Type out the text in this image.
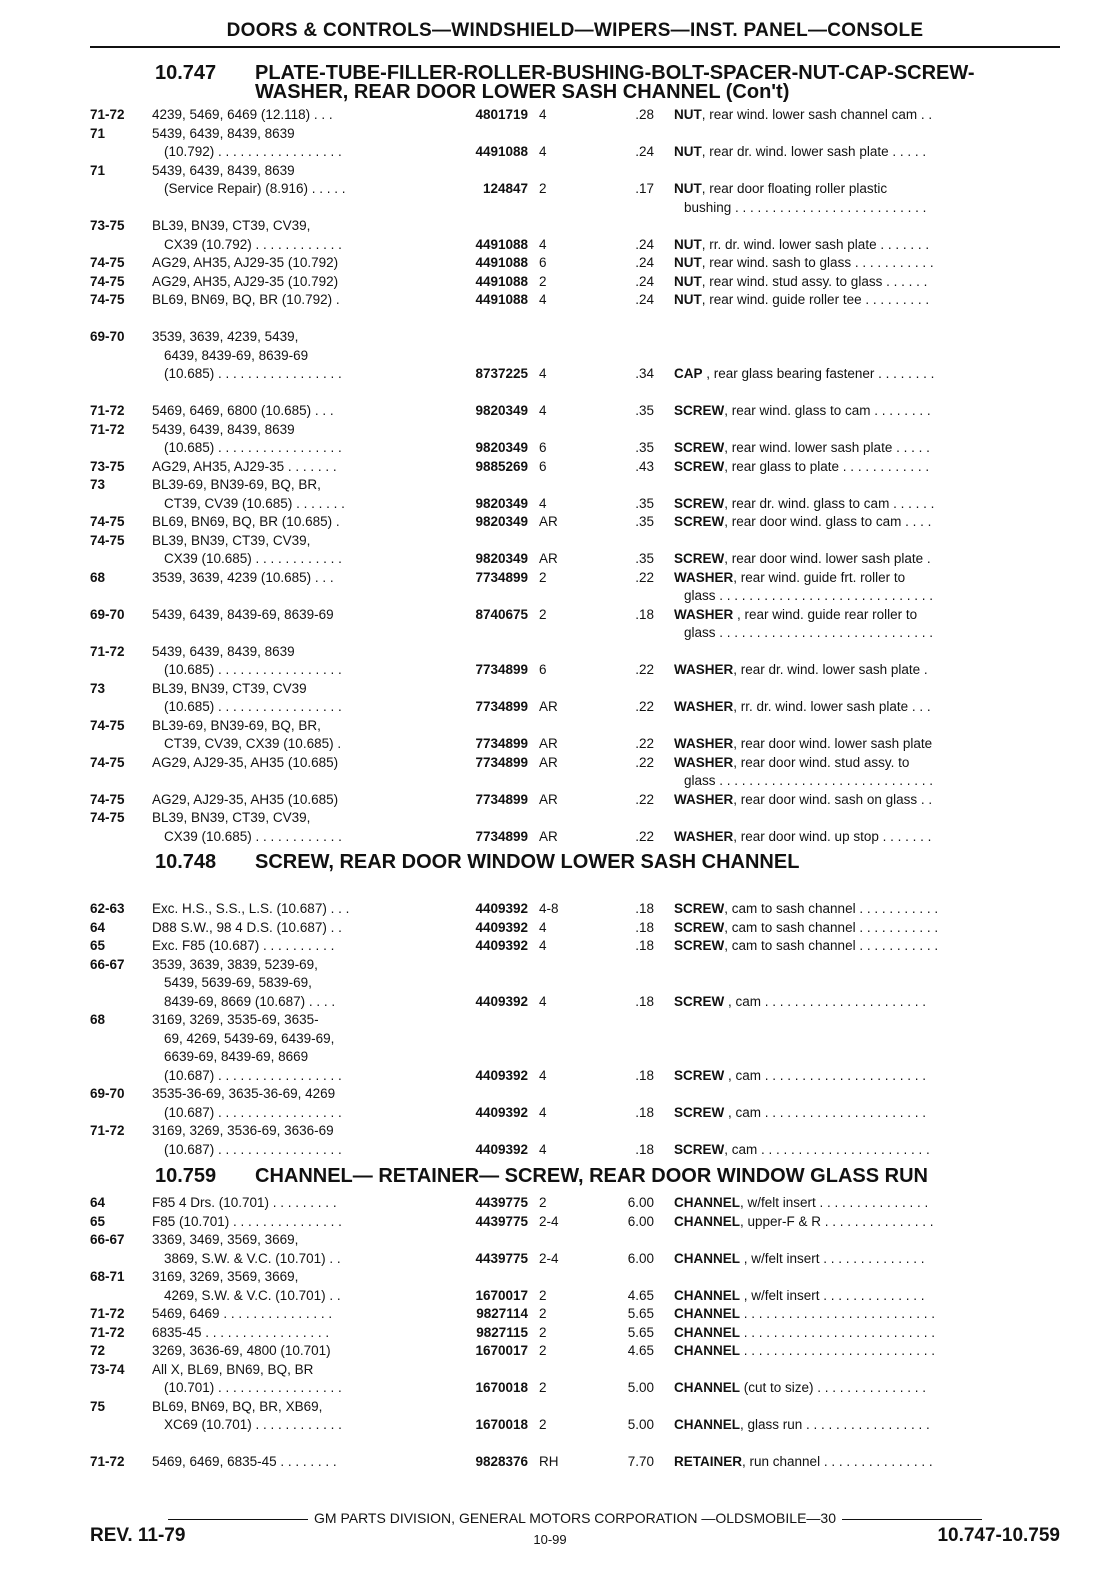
DOORS & CONTROLS—WINDSHIELD—WIPERS—INST. PANEL—CONSOLE
10.747 PLATE-TUBE-FILLER-ROLLER-BUSHING-BOLT-SPACER-NUT-CAP-SCREW-
WASHER, REAR DOOR LOWER SASH CHANNEL (Con't)
71-72 4239, 5469, 6469 (12.118) . . .	4801719 4	.28 NUT, rear wind. lower sash channel cam . .
71	5439, 6439, 8439, 8639
(10.792) . . . . . . . . . . . . . . . . .	4491088 4	.24 NUT, rear dr. wind. lower sash plate . . . . .
71	5439, 6439, 8439, 8639
(Service Repair) (8.916) . . . . .	124847 2	.17 NUT, rear door floating roller plastic
bushing . . . . . . . . . . . . . . . . . . . . . . . . . .
73-75 BL39, BN39, CT39, CV39,
CX39 (10.792) . . . . . . . . . . . .	4491088 4	.24 NUT, rr. dr. wind. lower sash plate . . . . . . .
74-75 AG29, AH35, AJ29-35 (10.792)	4491088 6	.24 NUT, rear wind. sash to glass . . . . . . . . . . .
74-75 AG29, AH35, AJ29-35 (10.792)	4491088 2	.24 NUT, rear wind. stud assy. to glass . . . . . .
74-75 BL69, BN69, BQ, BR (10.792) .	4491088 4	.24 NUT, rear wind. guide roller tee . . . . . . . . .
69-70 3539, 3639, 4239, 5439,
6439, 8439-69, 8639-69
(10.685) . . . . . . . . . . . . . . . . .	8737225 4	.34 CAP , rear glass bearing fastener . . . . . . . .
71-72 5469, 6469, 6800 (10.685) . . .	9820349 4	.35 SCREW, rear wind. glass to cam . . . . . . . .
71-72 5439, 6439, 8439, 8639
(10.685) . . . . . . . . . . . . . . . . .	9820349 6	.35 SCREW, rear wind. lower sash plate . . . . .
73-75 AG29, AH35, AJ29-35 . . . . . . .	9885269 6	.43 SCREW, rear glass to plate . . . . . . . . . . . .
73	BL39-69, BN39-69, BQ, BR,
CT39, CV39 (10.685) . . . . . . .	9820349 4	.35 SCREW, rear dr. wind. glass to cam . . . . . .
74-75 BL69, BN69, BQ, BR (10.685) .	9820349 AR	.35 SCREW, rear door wind. glass to cam . . . .
74-75 BL39, BN39, CT39, CV39,
CX39 (10.685) . . . . . . . . . . . .	9820349 AR	.35 SCREW, rear door wind. lower sash plate .
68	3539, 3639, 4239 (10.685) . . .	7734899 2	.22 WASHER, rear wind. guide frt. roller to
glass . . . . . . . . . . . . . . . . . . . . . . . . . . . . .
69-70 5439, 6439, 8439-69, 8639-69	8740675 2	.18 WASHER , rear wind. guide rear roller to
glass . . . . . . . . . . . . . . . . . . . . . . . . . . . . .
71-72 5439, 6439, 8439, 8639
(10.685) . . . . . . . . . . . . . . . . .	7734899 6	.22 WASHER, rear dr. wind. lower sash plate .
73	BL39, BN39, CT39, CV39
(10.685) . . . . . . . . . . . . . . . . .	7734899 AR	.22 WASHER, rr. dr. wind. lower sash plate . . .
74-75 BL39-69, BN39-69, BQ, BR,
CT39, CV39, CX39 (10.685) .	7734899 AR	.22 WASHER, rear door wind. lower sash plate
74-75 AG29, AJ29-35, AH35 (10.685)	7734899 AR	.22 WASHER, rear door wind. stud assy. to
glass . . . . . . . . . . . . . . . . . . . . . . . . . . . . .
74-75 AG29, AJ29-35, AH35 (10.685)	7734899 AR	.22 WASHER, rear door wind. sash on glass . .
74-75 BL39, BN39, CT39, CV39,
CX39 (10.685) . . . . . . . . . . . .	7734899 AR	.22 WASHER, rear door wind. up stop . . . . . . .
10.748 SCREW, REAR DOOR WINDOW LOWER SASH CHANNEL
62-63 Exc. H.S., S.S., L.S. (10.687) . . .	4409392 4-8	.18 SCREW, cam to sash channel . . . . . . . . . . .
64	D88 S.W., 98 4 D.S. (10.687) . .	4409392 4	.18 SCREW, cam to sash channel . . . . . . . . . . .
65	Exc. F85 (10.687) . . . . . . . . . .	4409392 4	.18 SCREW, cam to sash channel . . . . . . . . . . .
66-67 3539, 3639, 3839, 5239-69,
5439, 5639-69, 5839-69,
8439-69, 8669 (10.687) . . . .	4409392 4	.18 SCREW , cam . . . . . . . . . . . . . . . . . . . . . .
68	3169, 3269, 3535-69, 3635-
69, 4269, 5439-69, 6439-69,
6639-69, 8439-69, 8669
(10.687) . . . . . . . . . . . . . . . . .	4409392 4	.18 SCREW , cam . . . . . . . . . . . . . . . . . . . . . .
69-70 3535-36-69, 3635-36-69, 4269
(10.687) . . . . . . . . . . . . . . . . .	4409392 4	.18 SCREW , cam . . . . . . . . . . . . . . . . . . . . . .
71-72 3169, 3269, 3536-69, 3636-69
(10.687) . . . . . . . . . . . . . . . . .	4409392 4	.18 SCREW, cam . . . . . . . . . . . . . . . . . . . . . . .
10.759 CHANNEL— RETAINER— SCREW, REAR DOOR WINDOW GLASS RUN
64	F85 4 Drs. (10.701) . . . . . . . . .	4439775 2	6.00 CHANNEL, w/felt insert . . . . . . . . . . . . . . .
65	F85 (10.701) . . . . . . . . . . . . . . .	4439775 2-4	6.00 CHANNEL, upper-F & R . . . . . . . . . . . . . . .
66-67 3369, 3469, 3569, 3669,
3869, S.W. & V.C. (10.701) . .	4439775 2-4	6.00 CHANNEL , w/felt insert . . . . . . . . . . . . . .
68-71 3169, 3269, 3569, 3669,
4269, S.W. & V.C. (10.701) . .	1670017 2	4.65 CHANNEL , w/felt insert . . . . . . . . . . . . . .
71-72 5469, 6469 . . . . . . . . . . . . . . .	9827114 2	5.65 CHANNEL . . . . . . . . . . . . . . . . . . . . . . . . . .
71-72 6835-45 . . . . . . . . . . . . . . . . .	9827115 2	5.65 CHANNEL . . . . . . . . . . . . . . . . . . . . . . . . . .
72	3269, 3636-69, 4800 (10.701)	1670017 2	4.65 CHANNEL . . . . . . . . . . . . . . . . . . . . . . . . . .
73-74 All X, BL69, BN69, BQ, BR
(10.701) . . . . . . . . . . . . . . . . .	1670018 2	5.00 CHANNEL (cut to size) . . . . . . . . . . . . . . .
75	BL69, BN69, BQ, BR, XB69,
XC69 (10.701) . . . . . . . . . . . .	1670018 2	5.00 CHANNEL, glass run . . . . . . . . . . . . . . . . .
71-72 5469, 6469, 6835-45 . . . . . . . .	9828376 RH	7.70 RETAINER, run channel . . . . . . . . . . . . . . .
GM PARTS DIVISION, GENERAL MOTORS CORPORATION —OLDSMOBILE—30
REV. 11-79	10-99	10.747-10.759
